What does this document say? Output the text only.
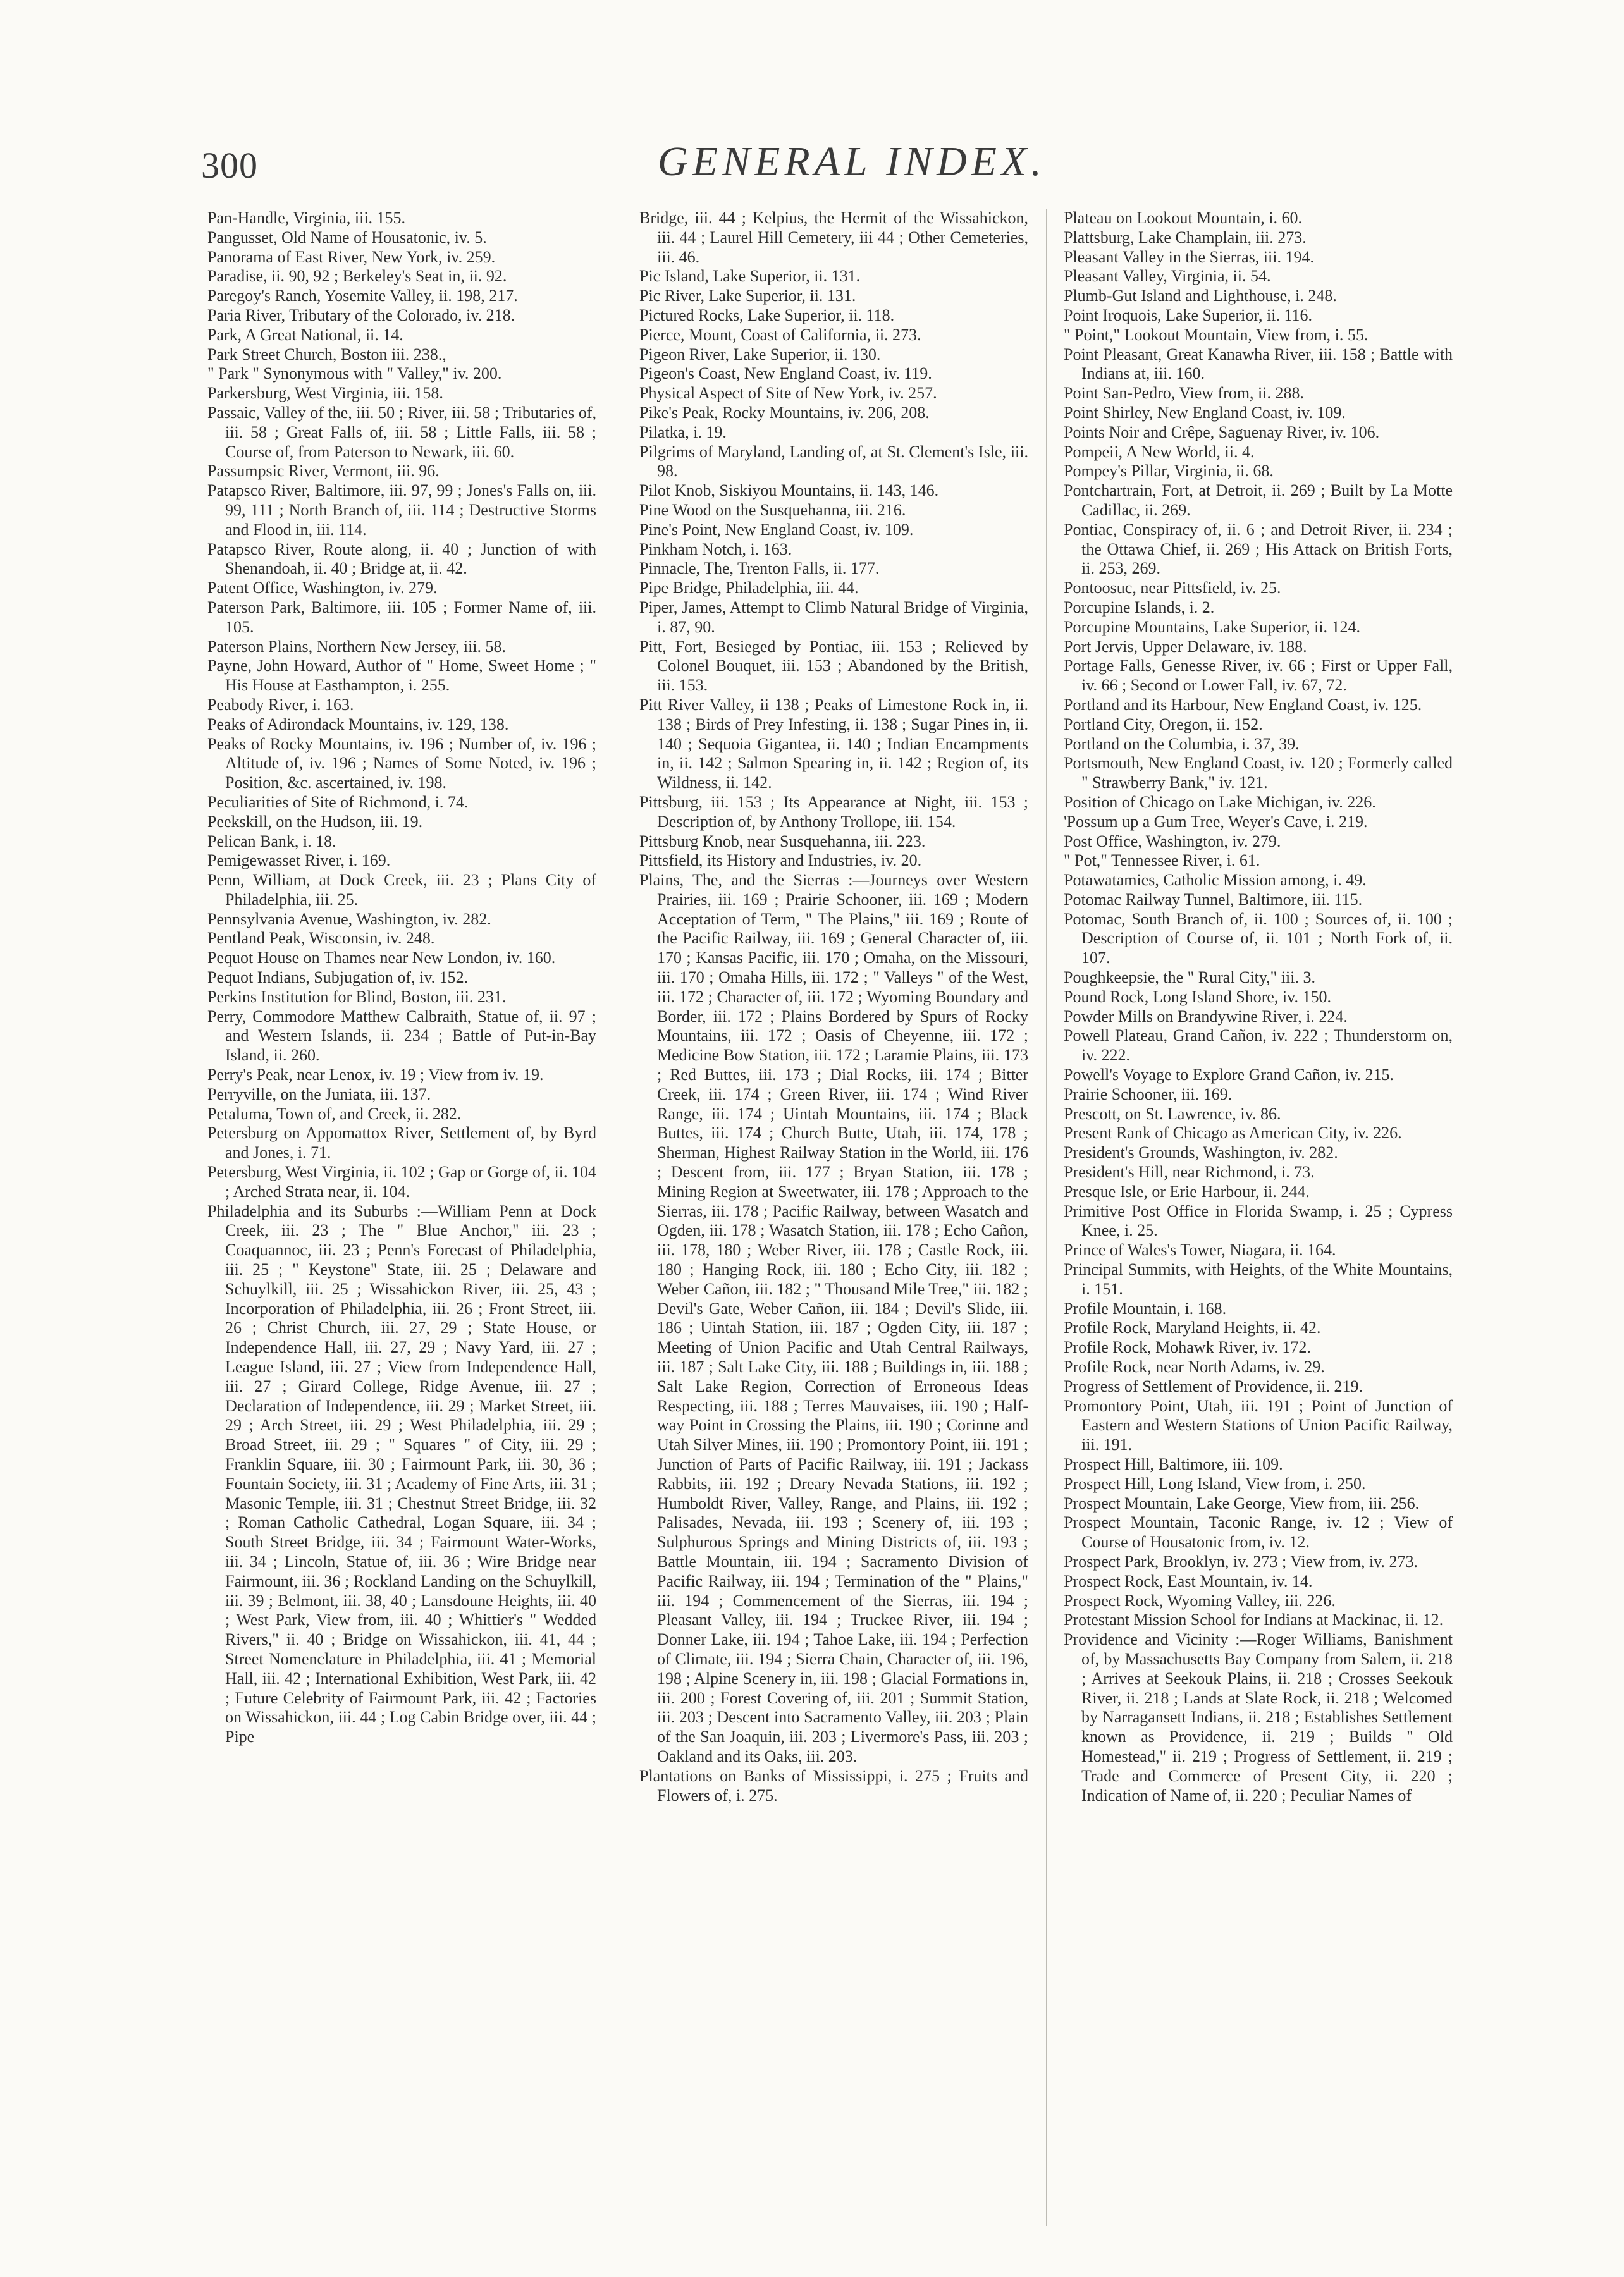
300	GENERAL INDEX.

Pan-Handle, Virginia, iii. 155.

Pangusset, Old Name of Housatonic, iv. 5.

Panorama of East River, New York, iv. 259.

Paradise, ii. 90, 92 ; Berkeley's Seat in, ii. 92.

Paregoy's Ranch, Yosemite Valley, ii. 198, 217.

Paria River, Tributary of the Colorado, iv. 218.

Park, A Great National, ii. 14.

Park Street Church, Boston iii. 238.,

" Park " Synonymous with " Valley," iv. 200.

Parkersburg, West Virginia, iii. 158.

Passaic, Valley of the, iii. 50 ; River, iii. 58 ; Tributaries of, iii. 58 ; Great Falls of, iii. 58 ; Little Falls, iii. 58 ; Course of, from Paterson to Newark, iii. 60.

Passumpsic River, Vermont, iii. 96.

Patapsco River, Baltimore, iii. 97, 99 ; Jones's Falls on, iii. 99, 111 ; North Branch of, iii. 114 ; Destructive Storms and Flood in, iii. 114.

Patapsco River, Route along, ii. 40 ; Junction of with Shenandoah, ii. 40 ; Bridge at, ii. 42.

Patent Office, Washington, iv. 279.

Paterson Park, Baltimore, iii. 105 ; Former Name of, iii. 105.

Paterson Plains, Northern New Jersey, iii. 58.

Payne, John Howard, Author of " Home, Sweet Home ; " His House at Easthampton, i. 255.

Peabody River, i. 163.

Peaks of Adirondack Mountains, iv. 129, 138.

Peaks of Rocky Mountains, iv. 196 ; Number of, iv. 196 ; Altitude of, iv. 196 ; Names of Some Noted, iv. 196 ; Position, &c. ascertained, iv. 198.

Peculiarities of Site of Richmond, i. 74.

Peekskill, on the Hudson, iii. 19.

Pelican Bank, i. 18.

Pemigewasset River, i. 169.

Penn, William, at Dock Creek, iii. 23 ; Plans City of Philadelphia, iii. 25.

Pennsylvania Avenue, Washington, iv. 282.

Pentland Peak, Wisconsin, iv. 248.

Pequot House on Thames near New London, iv. 160.

Pequot Indians, Subjugation of, iv. 152.

Perkins Institution for Blind, Boston, iii. 231.

Perry, Commodore Matthew Calbraith, Statue of, ii. 97 ; and Western Islands, ii. 234 ; Battle of Put-in-Bay Island, ii. 260.

Perry's Peak, near Lenox, iv. 19 ; View from iv. 19.

Perryville, on the Juniata, iii. 137.

Petaluma, Town of, and Creek, ii. 282.

Petersburg on Appomattox River, Settlement of, by Byrd and Jones, i. 71.

Petersburg, West Virginia, ii. 102 ; Gap or Gorge of, ii. 104 ; Arched Strata near, ii. 104.

Philadelphia and its Suburbs :—William Penn at Dock Creek, iii. 23 ; The " Blue Anchor," iii. 23 ; Coaquannoc, iii. 23 ; Penn's Forecast of Philadelphia, iii. 25 ; " Keystone" State, iii. 25 ; Delaware and Schuylkill, iii. 25 ; Wissahickon River, iii. 25, 43 ; Incorporation of Philadelphia, iii. 26 ; Front Street, iii. 26 ; Christ Church, iii. 27, 29 ; State House, or Independence Hall, iii. 27, 29 ; Navy Yard, iii. 27 ; League Island, iii. 27 ; View from Independence Hall, iii. 27 ; Girard College, Ridge Avenue, iii. 27 ; Declaration of Independence, iii. 29 ; Market Street, iii. 29 ; Arch Street, iii. 29 ; West Philadelphia, iii. 29 ; Broad Street, iii. 29 ; " Squares " of City, iii. 29 ; Franklin Square, iii. 30 ; Fairmount Park, iii. 30, 36 ; Fountain Society, iii. 31 ; Academy of Fine Arts, iii. 31 ; Masonic Temple, iii. 31 ; Chestnut Street Bridge, iii. 32 ; Roman Catholic Cathedral, Logan Square, iii. 34 ; South Street Bridge, iii. 34 ; Fairmount Water-Works, iii. 34 ; Lincoln, Statue of, iii. 36 ; Wire Bridge near Fairmount, iii. 36 ; Rockland Landing on the Schuylkill, iii. 39 ; Belmont, iii. 38, 40 ; Lansdoune Heights, iii. 40 ; West Park, View from, iii. 40 ; Whittier's " Wedded Rivers," ii. 40 ; Bridge on Wissahickon, iii. 41, 44 ; Street Nomenclature in Philadelphia, iii. 41 ; Memorial Hall, iii. 42 ; International Exhibition, West Park, iii. 42 ; Future Celebrity of Fairmount Park, iii. 42 ; Factories on Wissahickon, iii. 44 ; Log Cabin Bridge over, iii. 44 ; Pipe

Bridge, iii. 44 ; Kelpius, the Hermit of the Wissahickon, iii. 44 ; Laurel Hill Cemetery, iii 44 ; Other Cemeteries, iii. 46.

Pic Island, Lake Superior, ii. 131.

Pic River, Lake Superior, ii. 131.

Pictured Rocks, Lake Superior, ii. 118.

Pierce, Mount, Coast of California, ii. 273.

Pigeon River, Lake Superior, ii. 130.

Pigeon's Coast, New England Coast, iv. 119.

Physical Aspect of Site of New York, iv. 257.

Pike's Peak, Rocky Mountains, iv. 206, 208.

Pilatka, i. 19.

Pilgrims of Maryland, Landing of, at St. Clement's Isle, iii. 98.

Pilot Knob, Siskiyou Mountains, ii. 143, 146.

Pine Wood on the Susquehanna, iii. 216.

Pine's Point, New England Coast, iv. 109.

Pinkham Notch, i. 163.

Pinnacle, The, Trenton Falls, ii. 177.

Pipe Bridge, Philadelphia, iii. 44.

Piper, James, Attempt to Climb Natural Bridge of Virginia, i. 87, 90.

Pitt, Fort, Besieged by Pontiac, iii. 153 ; Relieved by Colonel Bouquet, iii. 153 ; Abandoned by the British, iii. 153.

Pitt River Valley, ii 138 ; Peaks of Limestone Rock in, ii. 138 ; Birds of Prey Infesting, ii. 138 ; Sugar Pines in, ii. 140 ; Sequoia Gigantea, ii. 140 ; Indian Encampments in, ii. 142 ; Salmon Spearing in, ii. 142 ; Region of, its Wildness, ii. 142.

Pittsburg, iii. 153 ; Its Appearance at Night, iii. 153 ; Description of, by Anthony Trollope, iii. 154.

Pittsburg Knob, near Susquehanna, iii. 223.

Pittsfield, its History and Industries, iv. 20.

Plains, The, and the Sierras :—Journeys over Western Prairies, iii. 169 ; Prairie Schooner, iii. 169 ; Modern Acceptation of Term, " The Plains," iii. 169 ; Route of the Pacific Railway, iii. 169 ; General Character of, iii. 170 ; Kansas Pacific, iii. 170 ; Omaha, on the Missouri, iii. 170 ; Omaha Hills, iii. 172 ; " Valleys " of the West, iii. 172 ; Character of, iii. 172 ; Wyoming Boundary and Border, iii. 172 ; Plains Bordered by Spurs of Rocky Mountains, iii. 172 ; Oasis of Cheyenne, iii. 172 ; Medicine Bow Station, iii. 172 ; Laramie Plains, iii. 173 ; Red Buttes, iii. 173 ; Dial Rocks, iii. 174 ; Bitter Creek, iii. 174 ; Green River, iii. 174 ; Wind River Range, iii. 174 ; Uintah Mountains, iii. 174 ; Black Buttes, iii. 174 ; Church Butte, Utah, iii. 174, 178 ; Sherman, Highest Railway Station in the World, iii. 176 ; Descent from, iii. 177 ; Bryan Station, iii. 178 ; Mining Region at Sweetwater, iii. 178 ; Approach to the Sierras, iii. 178 ; Pacific Railway, between Wasatch and Ogden, iii. 178 ; Wasatch Station, iii. 178 ; Echo Cañon, iii. 178, 180 ; Weber River, iii. 178 ; Castle Rock, iii. 180 ; Hanging Rock, iii. 180 ; Echo City, iii. 182 ; Weber Cañon, iii. 182 ; " Thousand Mile Tree," iii. 182 ; Devil's Gate, Weber Cañon, iii. 184 ; Devil's Slide, iii. 186 ; Uintah Station, iii. 187 ; Ogden City, iii. 187 ; Meeting of Union Pacific and Utah Central Railways, iii. 187 ; Salt Lake City, iii. 188 ; Buildings in, iii. 188 ; Salt Lake Region, Correction of Erroneous Ideas Respecting, iii. 188 ; Terres Mauvaises, iii. 190 ; Half-way Point in Crossing the Plains, iii. 190 ; Corinne and Utah Silver Mines, iii. 190 ; Promontory Point, iii. 191 ; Junction of Parts of Pacific Railway, iii. 191 ; Jackass Rabbits, iii. 192 ; Dreary Nevada Stations, iii. 192 ; Humboldt River, Valley, Range, and Plains, iii. 192 ; Palisades, Nevada, iii. 193 ; Scenery of, iii. 193 ; Sulphurous Springs and Mining Districts of, iii. 193 ; Battle Mountain, iii. 194 ; Sacramento Division of Pacific Railway, iii. 194 ; Termination of the " Plains," iii. 194 ; Commencement of the Sierras, iii. 194 ; Pleasant Valley, iii. 194 ; Truckee River, iii. 194 ; Donner Lake, iii. 194 ; Tahoe Lake, iii. 194 ; Perfection of Climate, iii. 194 ; Sierra Chain, Character of, iii. 196, 198 ; Alpine Scenery in, iii. 198 ; Glacial Formations in, iii. 200 ; Forest Covering of, iii. 201 ; Summit Station, iii. 203 ; Descent into Sacramento Valley, iii. 203 ; Plain of the San Joaquin, iii. 203 ; Livermore's Pass, iii. 203 ; Oakland and its Oaks, iii. 203.

Plantations on Banks of Mississippi, i. 275 ; Fruits and Flowers of, i. 275.

Plateau on Lookout Mountain, i. 60.

Plattsburg, Lake Champlain, iii. 273.

Pleasant Valley in the Sierras, iii. 194.

Pleasant Valley, Virginia, ii. 54.

Plumb-Gut Island and Lighthouse, i. 248.

Point Iroquois, Lake Superior, ii. 116.

" Point," Lookout Mountain, View from, i. 55.

Point Pleasant, Great Kanawha River, iii. 158 ; Battle with Indians at, iii. 160.

Point San-Pedro, View from, ii. 288.

Point Shirley, New England Coast, iv. 109.

Points Noir and Crêpe, Saguenay River, iv. 106.

Pompeii, A New World, ii. 4.

Pompey's Pillar, Virginia, ii. 68.

Pontchartrain, Fort, at Detroit, ii. 269 ; Built by La Motte Cadillac, ii. 269.

Pontiac, Conspiracy of, ii. 6 ; and Detroit River, ii. 234 ; the Ottawa Chief, ii. 269 ; His Attack on British Forts, ii. 253, 269.

Pontoosuc, near Pittsfield, iv. 25.

Porcupine Islands, i. 2.

Porcupine Mountains, Lake Superior, ii. 124.

Port Jervis, Upper Delaware, iv. 188.

Portage Falls, Genesse River, iv. 66 ; First or Upper Fall, iv. 66 ; Second or Lower Fall, iv. 67, 72.

Portland and its Harbour, New England Coast, iv. 125.

Portland City, Oregon, ii. 152.

Portland on the Columbia, i. 37, 39.

Portsmouth, New England Coast, iv. 120 ; Formerly called " Strawberry Bank," iv. 121.

Position of Chicago on Lake Michigan, iv. 226.

'Possum up a Gum Tree, Weyer's Cave, i. 219.

Post Office, Washington, iv. 279.

" Pot," Tennessee River, i. 61.

Potawatamies, Catholic Mission among, i. 49.

Potomac Railway Tunnel, Baltimore, iii. 115.

Potomac, South Branch of, ii. 100 ; Sources of, ii. 100 ; Description of Course of, ii. 101 ; North Fork of, ii. 107.

Poughkeepsie, the " Rural City," iii. 3.

Pound Rock, Long Island Shore, iv. 150.

Powder Mills on Brandywine River, i. 224.

Powell Plateau, Grand Cañon, iv. 222 ; Thunderstorm on, iv. 222.

Powell's Voyage to Explore Grand Cañon, iv. 215.

Prairie Schooner, iii. 169.

Prescott, on St. Lawrence, iv. 86.

Present Rank of Chicago as American City, iv. 226.

President's Grounds, Washington, iv. 282.

President's Hill, near Richmond, i. 73.

Presque Isle, or Erie Harbour, ii. 244.

Primitive Post Office in Florida Swamp, i. 25 ; Cypress Knee, i. 25.

Prince of Wales's Tower, Niagara, ii. 164.

Principal Summits, with Heights, of the White Mountains, i. 151.

Profile Mountain, i. 168.

Profile Rock, Maryland Heights, ii. 42.

Profile Rock, Mohawk River, iv. 172.

Profile Rock, near North Adams, iv. 29.

Progress of Settlement of Providence, ii. 219.

Promontory Point, Utah, iii. 191 ; Point of Junction of Eastern and Western Stations of Union Pacific Railway, iii. 191.

Prospect Hill, Baltimore, iii. 109.

Prospect Hill, Long Island, View from, i. 250.

Prospect Mountain, Lake George, View from, iii. 256.

Prospect Mountain, Taconic Range, iv. 12 ; View of Course of Housatonic from, iv. 12.

Prospect Park, Brooklyn, iv. 273 ; View from, iv. 273.

Prospect Rock, East Mountain, iv. 14.

Prospect Rock, Wyoming Valley, iii. 226.

Protestant Mission School for Indians at Mackinac, ii. 12.

Providence and Vicinity :—Roger Williams, Banishment of, by Massachusetts Bay Company from Salem, ii. 218 ; Arrives at Seekouk Plains, ii. 218 ; Crosses Seekouk River, ii. 218 ; Lands at Slate Rock, ii. 218 ; Welcomed by Narragansett Indians, ii. 218 ; Establishes Settlement known as Providence, ii. 219 ; Builds " Old Homestead," ii. 219 ; Progress of Settlement, ii. 219 ; Trade and Commerce of Present City, ii. 220 ; Indication of Name of, ii. 220 ; Peculiar Names of
